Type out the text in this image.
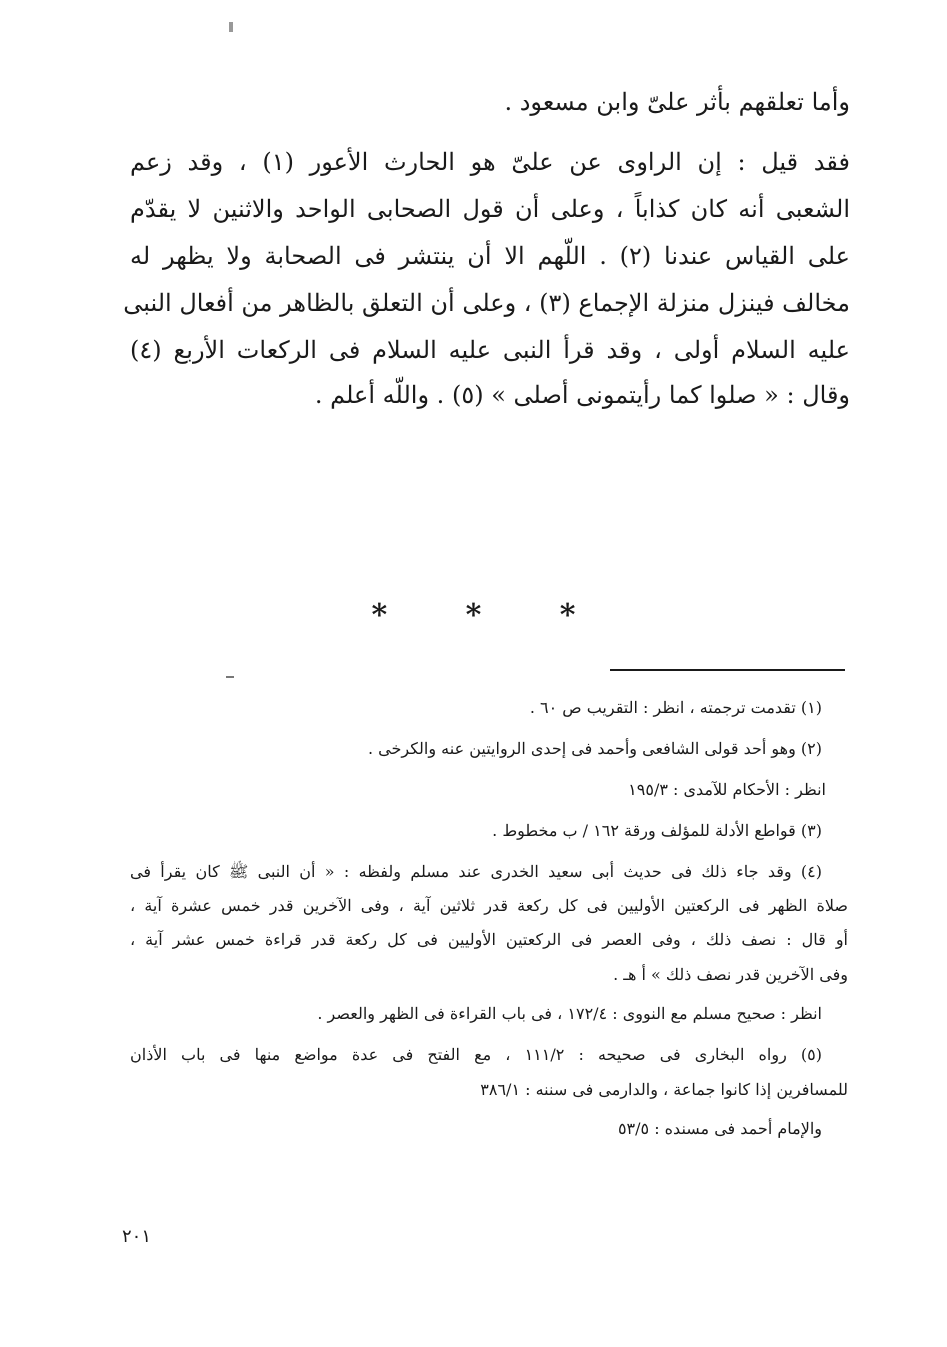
وأما تعلقهم بأثر علىّ وابن مسعود .
فقد قيل : إن الراوى عن علىّ هو الحارث الأعور (١) ، وقد زعم
الشعبى أنه كان كذاباً ، وعلى أن قول الصحابى الواحد والاثنين لا يقدّم
على القياس عندنا (٢) . اللّهم الا أن ينتشر فى الصحابة ولا يظهر له
مخالف فينزل منزلة الإجماع (٣) ، وعلى أن التعلق بالظاهر من أفعال النبى
عليه السلام أولى ، وقد قرأ النبى عليه السلام فى الركعات الأربع (٤)
وقال : « صلوا كما رأيتمونى أصلى » (٥) . واللّه أعلم .
* * *
(١) تقدمت ترجمته ، انظر : التقريب ص ٦٠ .
(٢) وهو أحد قولى الشافعى وأحمد فى إحدى الروايتين عنه والكرخى .
انظر : الأحكام للآمدى : ١٩٥/٣
(٣) قواطع الأدلة للمؤلف ورقة ١٦٢ / ب مخطوط .
(٤) وقد جاء ذلك فى حديث أبى سعيد الخدرى عند مسلم ولفظه : « أن النبى ﷺ كان يقرأ فى
صلاة الظهر فى الركعتين الأوليين فى كل ركعة قدر ثلاثين آية ، وفى الآخرين قدر خمس عشرة آية ،
أو قال : نصف ذلك ، وفى العصر فى الركعتين الأوليين فى كل ركعة قدر قراءة خمس عشر آية ،
وفى الآخرين قدر نصف ذلك » أ هـ .
انظر : صحيح مسلم مع النووى : ١٧٢/٤ ، فى باب القراءة فى الظهر والعصر .
(٥) رواه البخارى فى صحيحه : ١١١/٢ ، مع الفتح فى عدة مواضع منها فى باب الأذان
للمسافرين إذا كانوا جماعة ، والدارمى فى سننه : ٣٨٦/١
والإمام أحمد فى مسنده : ٥٣/٥
٢٠١
